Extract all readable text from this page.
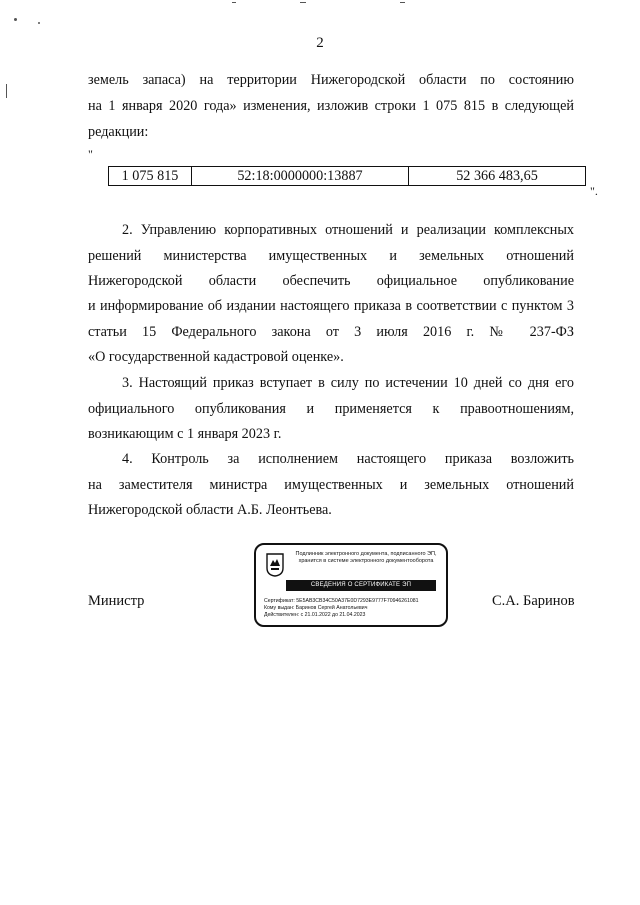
2

земель запаса) на территории Нижегородской области по состоянию

на 1 января 2020 года» изменения, изложив строки 1 075 815 в следующей

редакции:

"
1 075 815	52:18:0000000:13887	52 366 483,65
".

2. Управлению корпоративных отношений и реализации комплексных

решений министерства имущественных и земельных отношений

Нижегородской области обеспечить официальное опубликование

и информирование об издании настоящего приказа в соответствии с пунктом 3

статьи 15 Федерального закона от 3 июля 2016 г. № 237-ФЗ

«О государственной кадастровой оценке».

3. Настоящий приказ вступает в силу по истечении 10 дней со дня его

официального опубликования и применяется к правоотношениям,

возникающим с 1 января 2023 г.

4. Контроль за исполнением настоящего приказа возложить

на заместителя министра имущественных и земельных отношений

Нижегородской области А.Б. Леонтьева.

Министр	С.А. Баринов
Подлинник электронного документа, подписанного ЭП,
хранится в системе электронного документооборота
СВЕДЕНИЯ О СЕРТИФИКАТЕ ЭП
Сертификат: 5E5AB3CB34C50A37E0D7293E9777F70946261081
Кому выдан: Баринов Сергей Анатольевич
Действителен: с 21.01.2022 до 21.04.2023
